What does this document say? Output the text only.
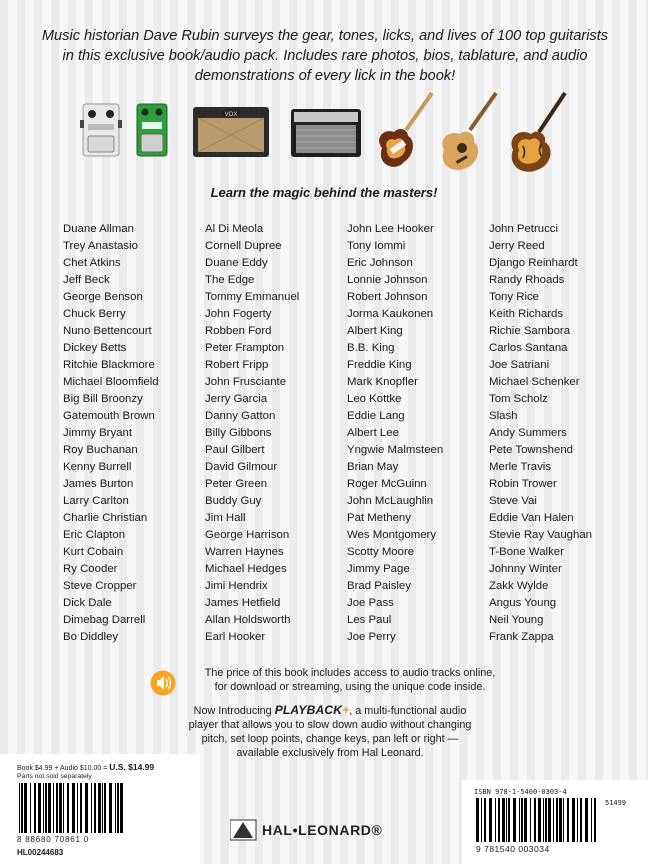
Music historian Dave Rubin surveys the gear, tones, licks, and lives of 100 top guitarists in this exclusive book/audio pack. Includes rare photos, bios, tablature, and audio demonstrations of every lick in the book!
VOX
Learn the magic behind the masters!
Duane Allman
Trey Anastasio
Chet Atkins
Jeff Beck
George Benson
Chuck Berry
Nuno Bettencourt
Dickey Betts
Ritchie Blackmore
Michael Bloomfield
Big Bill Broonzy
Gatemouth Brown
Jimmy Bryant
Roy Buchanan
Kenny Burrell
James Burton
Larry Carlton
Charlie Christian
Eric Clapton
Kurt Cobain
Ry Cooder
Steve Cropper
Dick Dale
Dimebag Darrell
Bo Diddley
Al Di Meola
Cornell Dupree
Duane Eddy
The Edge
Tommy Emmanuel
John Fogerty
Robben Ford
Peter Frampton
Robert Fripp
John Frusciante
Jerry Garcia
Danny Gatton
Billy Gibbons
Paul Gilbert
David Gilmour
Peter Green
Buddy Guy
Jim Hall
George Harrison
Warren Haynes
Michael Hedges
Jimi Hendrix
James Hetfield
Allan Holdsworth
Earl Hooker
John Lee Hooker
Tony Iommi
Eric Johnson
Lonnie Johnson
Robert Johnson
Jorma Kaukonen
Albert King
B.B. King
Freddie King
Mark Knopfler
Leo Kottke
Eddie Lang
Albert Lee
Yngwie Malmsteen
Brian May
Roger McGuinn
John McLaughlin
Pat Metheny
Wes Montgomery
Scotty Moore
Jimmy Page
Brad Paisley
Joe Pass
Les Paul
Joe Perry
John Petrucci
Jerry Reed
Django Reinhardt
Randy Rhoads
Tony Rice
Keith Richards
Richie Sambora
Carlos Santana
Joe Satriani
Michael Schenker
Tom Scholz
Slash
Andy Summers
Pete Townshend
Merle Travis
Robin Trower
Steve Vai
Eddie Van Halen
Stevie Ray Vaughan
T-Bone Walker
Johnny Winter
Zakk Wylde
Angus Young
Neil Young
Frank Zappa
The price of this book includes access to audio tracks online,
for download or streaming, using the unique code inside.
Now Introducing PLAYBACK+, a multi-functional audio player that allows you to slow down audio without changing pitch, set loop points, change keys, pan left or right — available exclusively from Hal Leonard.
Book $4.99 + Audio $10.00 = U.S. $14.99
Parts not sold separately
8 88680 70861 0
HL00244683
HAL•LEONARD®
ISBN 978-1-5400-0303-4
51499
9 781540 003034
